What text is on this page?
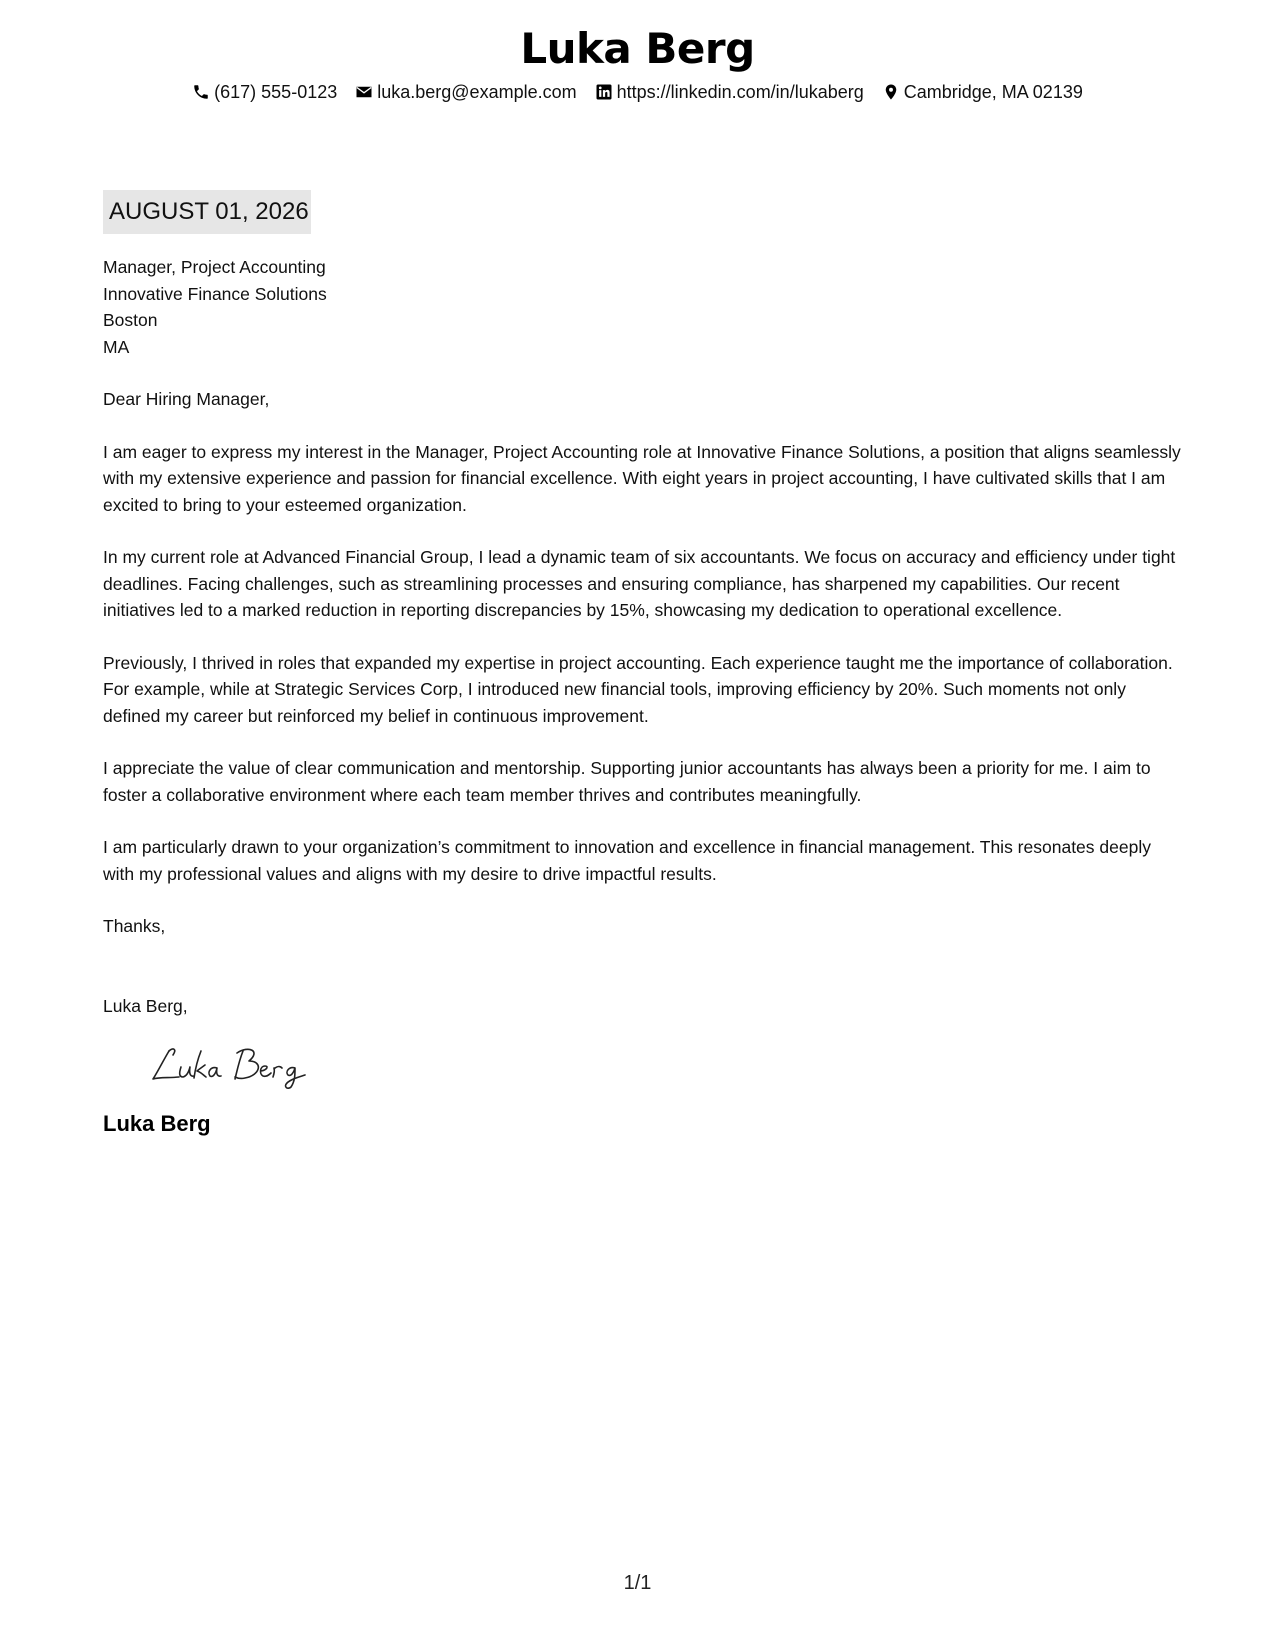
Luka Berg
(617) 555-0123 luka.berg@example.com https://linkedin.com/in/lukaberg Cambridge, MA 02139
AUGUST 01, 2026
Manager, Project Accounting
Innovative Finance Solutions
Boston
MA
Dear Hiring Manager,
I am eager to express my interest in the Manager, Project Accounting role at Innovative Finance Solutions, a position that aligns seamlessly with my extensive experience and passion for financial excellence. With eight years in project accounting, I have cultivated skills that I am excited to bring to your esteemed organization.
In my current role at Advanced Financial Group, I lead a dynamic team of six accountants. We focus on accuracy and efficiency under tight deadlines. Facing challenges, such as streamlining processes and ensuring compliance, has sharpened my capabilities. Our recent initiatives led to a marked reduction in reporting discrepancies by 15%, showcasing my dedication to operational excellence.
Previously, I thrived in roles that expanded my expertise in project accounting. Each experience taught me the importance of collaboration. For example, while at Strategic Services Corp, I introduced new financial tools, improving efficiency by 20%. Such moments not only defined my career but reinforced my belief in continuous improvement.
I appreciate the value of clear communication and mentorship. Supporting junior accountants has always been a priority for me. I aim to foster a collaborative environment where each team member thrives and contributes meaningfully.
I am particularly drawn to your organization’s commitment to innovation and excellence in financial management. This resonates deeply with my professional values and aligns with my desire to drive impactful results.
Thanks,
Luka Berg,
Luka Berg
1/1
